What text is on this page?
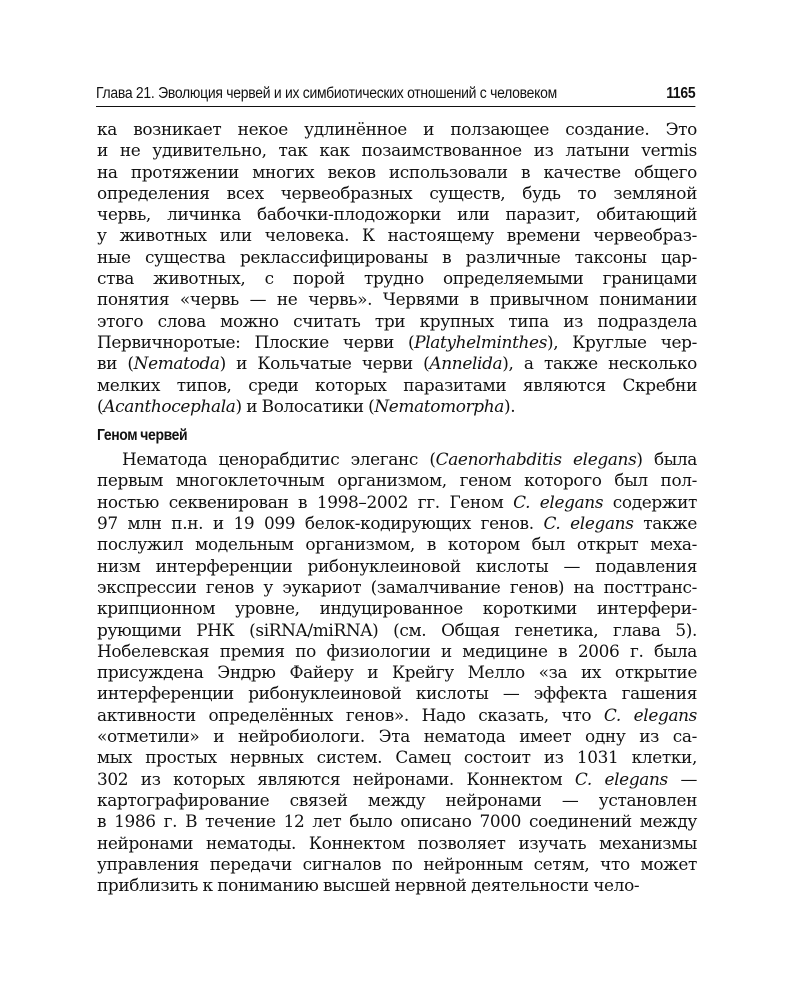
Глава 21. Эволюция червей и их симбиотических отношений с человеком	1165
ка возникает некое удлинённое и ползающее создание. Это
и не удивительно, так как позаимствованное из латыни vermis
на протяжении многих веков использовали в качестве общего
определения всех червеобразных существ, будь то земляной
червь, личинка бабочки-плодожорки или паразит, обитающий
у животных или человека. К настоящему времени червеобраз-
ные существа реклассифицированы в различные таксоны цар-
ства животных, с порой трудно определяемыми границами
понятия «червь — не червь». Червями в привычном понимании
этого слова можно считать три крупных типа из подраздела
Первичноротые: Плоские черви (Platyhelminthes), Круглые чер-
ви (Nematoda) и Кольчатые черви (Annelida), а также несколько
мелких типов, среди которых паразитами являются Скребни
(Acanthocephala) и Волосатики (Nematomorpha).
Геном червей
Нематода ценорабдитис элеганс (Caenorhabditis elegans) была
первым многоклеточным организмом, геном которого был пол-
ностью секвенирован в 1998–2002 гг. Геном C. elegans содержит
97 млн п.н. и 19 099 белок-кодирующих генов. C. elegans также
послужил модельным организмом, в котором был открыт меха-
низм интерференции рибонуклеиновой кислоты — подавления
экспрессии генов у эукариот (замалчивание генов) на посттранс-
крипционном уровне, индуцированное короткими интерфери-
рующими РНК (siRNA/miRNA) (см. Общая генетика, глава 5).
Нобелевская премия по физиологии и медицине в 2006 г. была
присуждена Эндрю Файеру и Крейгу Мелло «за их открытие
интерференции рибонуклеиновой кислоты — эффекта гашения
активности определённых генов». Надо сказать, что C. elegans
«отметили» и нейробиологи. Эта нематода имеет одну из са-
мых простых нервных систем. Самец состоит из 1031 клетки,
302 из которых являются нейронами. Коннектом C. elegans —
картографирование связей между нейронами — установлен
в 1986 г. В течение 12 лет было описано 7000 соединений между
нейронами нематоды. Коннектом позволяет изучать механизмы
управления передачи сигналов по нейронным сетям, что может
приблизить к пониманию высшей нервной деятельности чело-
